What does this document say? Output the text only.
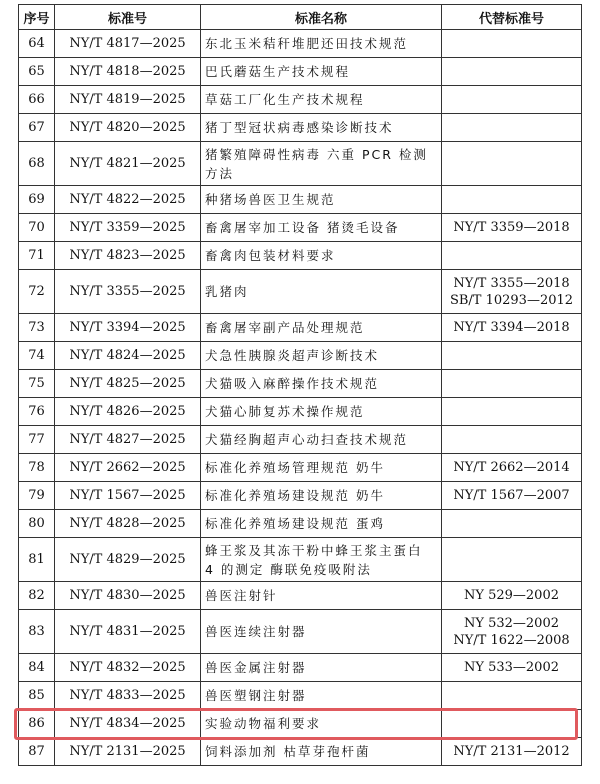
序号	标准号	标准名称	代替标准号
64	NY/T 4817—2025	东北玉米秸秆堆肥还田技术规范	
65	NY/T 4818—2025	巴氏蘑菇生产技术规程	
66	NY/T 4819—2025	草菇工厂化生产技术规程	
67	NY/T 4820—2025	猪丁型冠状病毒感染诊断技术	
68	NY/T 4821—2025	猪繁殖障碍性病毒 六重 PCR 检测方法	
69	NY/T 4822—2025	种猪场兽医卫生规范	
70	NY/T 3359—2025	畜禽屠宰加工设备 猪烫毛设备	NY/T 3359—2018
71	NY/T 4823—2025	畜禽肉包装材料要求	
72	NY/T 3355—2025	乳猪肉	NY/T 3355—2018
SB/T 10293—2012
73	NY/T 3394—2025	畜禽屠宰副产品处理规范	NY/T 3394—2018
74	NY/T 4824—2025	犬急性胰腺炎超声诊断技术	
75	NY/T 4825—2025	犬猫吸入麻醉操作技术规范	
76	NY/T 4826—2025	犬猫心肺复苏术操作规范	
77	NY/T 4827—2025	犬猫经胸超声心动扫查技术规范	
78	NY/T 2662—2025	标准化养殖场管理规范 奶牛	NY/T 2662—2014
79	NY/T 1567—2025	标准化养殖场建设规范 奶牛	NY/T 1567—2007
80	NY/T 4828—2025	标准化养殖场建设规范 蛋鸡	
81	NY/T 4829—2025	蜂王浆及其冻干粉中蜂王浆主蛋白 4 的测定 酶联免疫吸附法	
82	NY/T 4830—2025	兽医注射针	NY 529—2002
83	NY/T 4831—2025	兽医连续注射器	NY 532—2002
NY/T 1622—2008
84	NY/T 4832—2025	兽医金属注射器	NY 533—2002
85	NY/T 4833—2025	兽医塑钢注射器	
86	NY/T 4834—2025	实验动物福利要求	
87	NY/T 2131—2025	饲料添加剂 枯草芽孢杆菌	NY/T 2131—2012
